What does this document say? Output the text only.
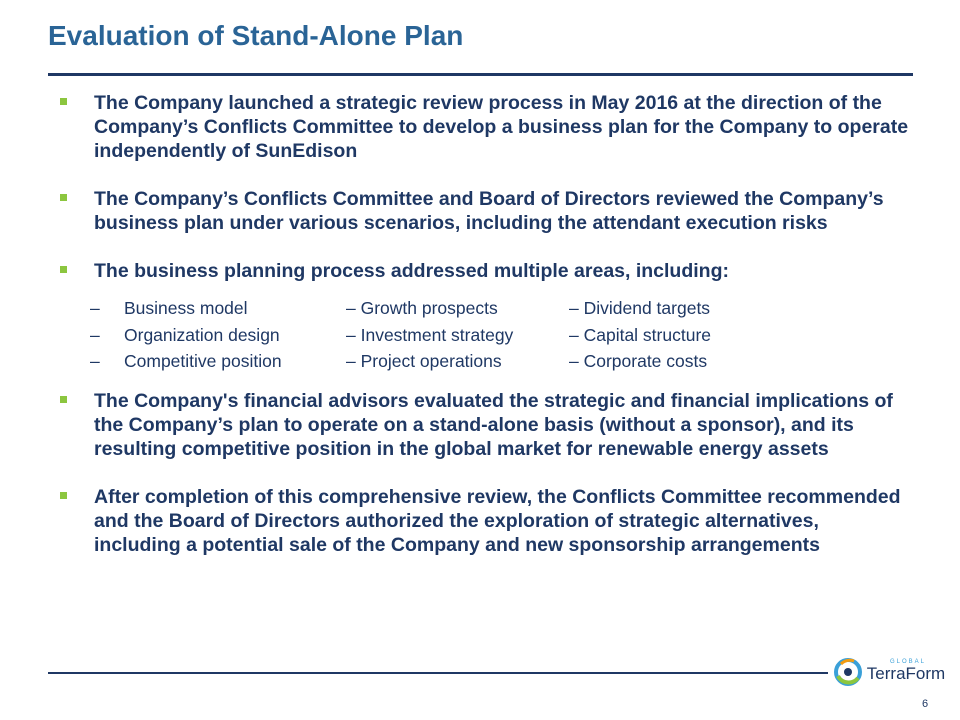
Evaluation of Stand-Alone Plan
The Company launched a strategic review process in May 2016 at the direction of the Company’s Conflicts Committee to develop a business plan for the Company to operate independently of SunEdison
The Company’s Conflicts Committee and Board of Directors reviewed the Company’s business plan under various scenarios, including the attendant execution risks
The business planning process addressed multiple areas, including:
–	Business model	– Growth prospects	– Dividend targets
–	Organization design	– Investment strategy	– Capital structure
–	Competitive position	– Project operations	– Corporate costs
The Company's financial advisors evaluated the strategic and financial implications of the Company’s plan to operate on a stand-alone basis (without a sponsor), and its resulting competitive position in the global market for renewable energy assets
After completion of this comprehensive review, the Conflicts Committee recommended and the Board of Directors authorized the exploration of strategic alternatives, including a potential sale of the Company and new sponsorship arrangements
GLOBAL
TerraForm
6
